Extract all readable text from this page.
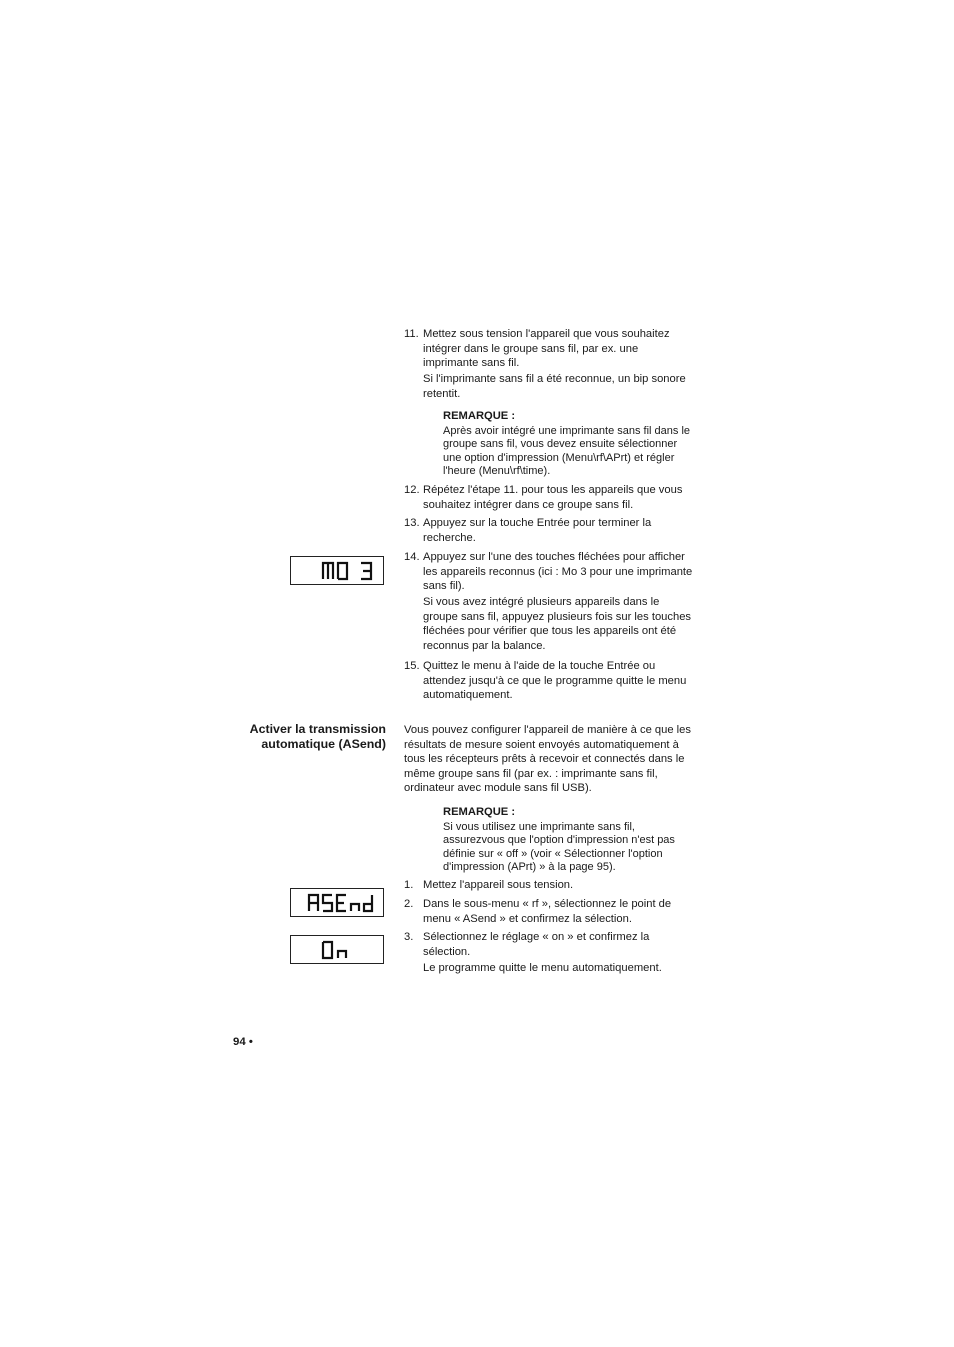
11. Mettez sous tension l'appareil que vous souhaitez intégrer dans le groupe sans fil, par ex. une imprimante sans fil.

Si l'imprimante sans fil a été reconnue, un bip sonore retentit.

REMARQUE :
Après avoir intégré une imprimante sans fil dans le groupe sans fil, vous devez ensuite sélectionner une option d'impression (Menu\rf\APrt) et régler l'heure (Menu\rf\time).
12. Répétez l'étape 11. pour tous les appareils que vous souhaitez intégrer dans ce groupe sans fil.

13. Appuyez sur la touche Entrée pour terminer la recherche.

14. Appuyez sur l'une des touches fléchées pour afficher les appareils reconnus (ici : Mo 3 pour une imprimante sans fil).

Si vous avez intégré plusieurs appareils dans le groupe sans fil, appuyez plusieurs fois sur les touches fléchées pour vérifier que tous les appareils ont été reconnus par la balance.

15. Quittez le menu à l'aide de la touche Entrée ou attendez jusqu'à ce que le programme quitte le menu automatiquement.

Activer la transmission
automatique (ASend)
Vous pouvez configurer l'appareil de manière à ce que les résultats de mesure soient envoyés automatiquement à tous les récepteurs prêts à recevoir et connectés dans le même groupe sans fil (par ex. : imprimante sans fil, ordinateur avec module sans fil USB).
REMARQUE :
Si vous utilisez une imprimante sans fil, assurezvous que l'option d'impression n'est pas définie sur « off » (voir « Sélectionner l'option d'impression (APrt) » à la page 95).
1. Mettez l'appareil sous tension.

2. Dans le sous-menu « rf », sélectionnez le point de menu « ASend » et confirmez la sélection.

3. Sélectionnez le réglage « on » et confirmez la sélection.

Le programme quitte le menu automatiquement.

94 •
